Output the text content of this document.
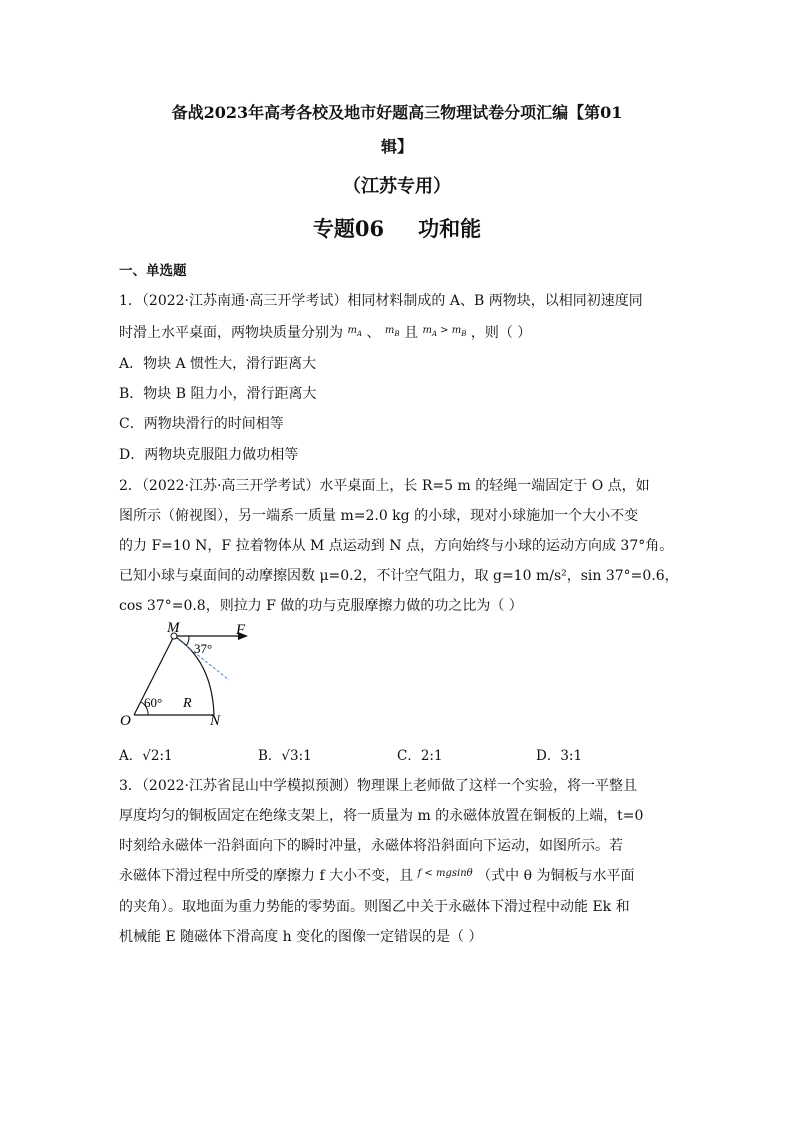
备战2023年高考各校及地市好题高三物理试卷分项汇编【第01
辑】
（江苏专用）
专题06 功和能
一、单选题
1．（2022·江苏南通·高三开学考试）相同材料制成的 A、B 两物块，以相同初速度同
时滑上水平桌面，两物块质量分别为 $^{m_A}$ 、 $^{m_B}$ 且 $^{m_A > m_B}$ ，则（ ）
A．物块 A 惯性大，滑行距离大
B．物块 B 阻力小，滑行距离大
C．两物块滑行的时间相等
D．两物块克服阻力做功相等
2．（2022·江苏·高三开学考试）水平桌面上，长 R=5 m 的轻绳一端固定于 O 点，如
图所示（俯视图），另一端系一质量 m=2.0 kg 的小球，现对小球施加一个大小不变
的力 F=10 N，F 拉着物体从 M 点运动到 N 点，方向始终与小球的运动方向成 37°角。
已知小球与桌面间的动摩擦因数 μ=0.2，不计空气阻力，取 g=10 m/s²，sin 37°=0.6，
cos 37°=0.8，则拉力 F 做的功与克服摩擦力做的功之比为（ ）
M	F
37°
60° R
O	N
A．√2:1	B．√3:1	C．2:1	D．3:1
3．（2022·江苏省昆山中学模拟预测）物理课上老师做了这样一个实验，将一平整且
厚度均匀的铜板固定在绝缘支架上，将一质量为 m 的永磁体放置在铜板的上端，t=0
时刻给永磁体一沿斜面向下的瞬时冲量，永磁体将沿斜面向下运动，如图所示。若
永磁体下滑过程中所受的摩擦力 f 大小不变，且 $^{f < mgsin\theta}$ （式中 θ 为铜板与水平面
的夹角）。取地面为重力势能的零势面。则图乙中关于永磁体下滑过程中动能 Ek 和
机械能 E 随磁体下滑高度 h 变化的图像一定错误的是（ ）
